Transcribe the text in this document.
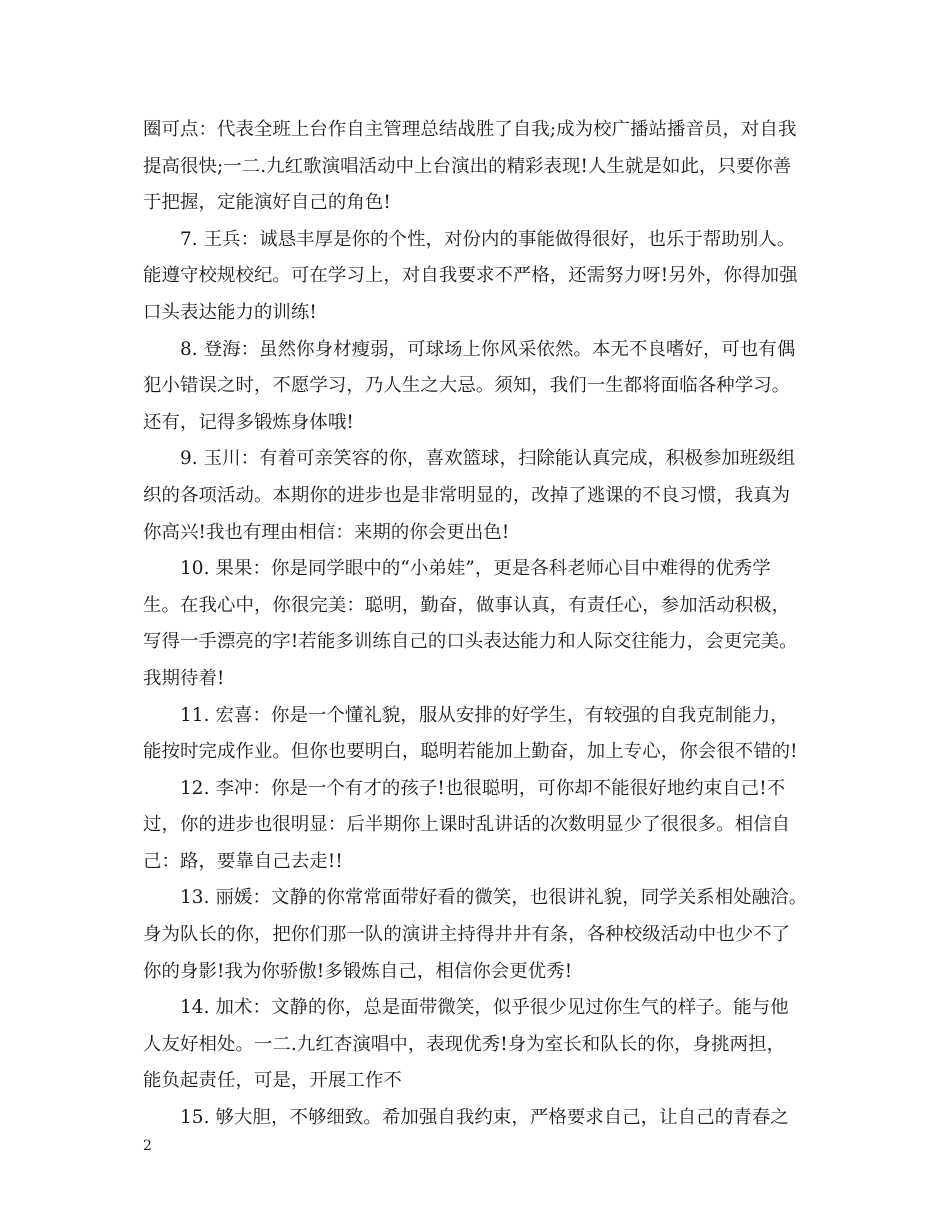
圈可点：代表全班上台作自主管理总结战胜了自我;成为校广播站播音员，对自我
提高很快;一二.九红歌演唱活动中上台演出的精彩表现!人生就是如此，只要你善
于把握，定能演好自己的角色!
7. 王兵：诚恳丰厚是你的个性，对份内的事能做得很好，也乐于帮助别人。
能遵守校规校纪。可在学习上，对自我要求不严格，还需努力呀!另外，你得加强
口头表达能力的训练!
8. 登海：虽然你身材瘦弱，可球场上你风采依然。本无不良嗜好，可也有偶
犯小错误之时，不愿学习，乃人生之大忌。须知，我们一生都将面临各种学习。
还有，记得多锻炼身体哦!
9. 玉川：有着可亲笑容的你，喜欢篮球，扫除能认真完成，积极参加班级组
织的各项活动。本期你的进步也是非常明显的，改掉了逃课的不良习惯，我真为
你高兴!我也有理由相信：来期的你会更出色!
10. 果果：你是同学眼中的“小弟娃”，更是各科老师心目中难得的优秀学
生。在我心中，你很完美：聪明，勤奋，做事认真，有责任心，参加活动积极，
写得一手漂亮的字!若能多训练自己的口头表达能力和人际交往能力，会更完美。
我期待着!
11. 宏喜：你是一个懂礼貌，服从安排的好学生，有较强的自我克制能力，
能按时完成作业。但你也要明白，聪明若能加上勤奋，加上专心，你会很不错的!
12. 李冲：你是一个有才的孩子!也很聪明，可你却不能很好地约束自己!不
过，你的进步也很明显：后半期你上课时乱讲话的次数明显少了很很多。相信自
己：路，要靠自己去走!!
13. 丽媛：文静的你常常面带好看的微笑，也很讲礼貌，同学关系相处融洽。
身为队长的你，把你们那一队的演讲主持得井井有条，各种校级活动中也少不了
你的身影!我为你骄傲!多锻炼自己，相信你会更优秀!
14. 加术：文静的你，总是面带微笑，似乎很少见过你生气的样子。能与他
人友好相处。一二.九红杏演唱中，表现优秀!身为室长和队长的你，身挑两担，
能负起责任，可是，开展工作不
15. 够大胆，不够细致。希加强自我约束，严格要求自己，让自己的青春之
2
